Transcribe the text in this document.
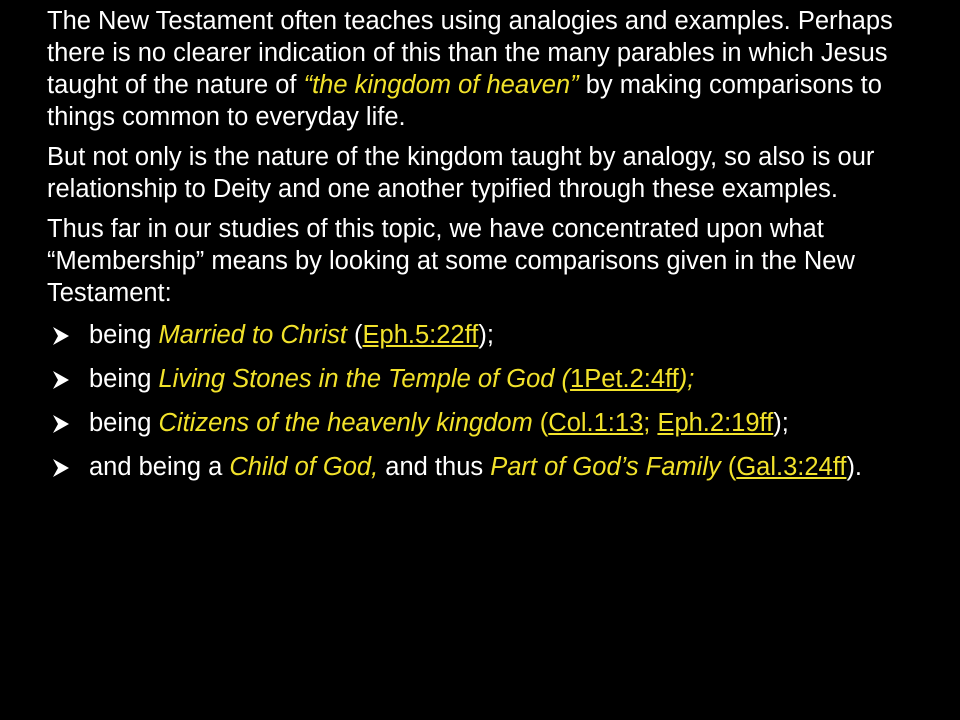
The New Testament often teaches using analogies and examples. Perhaps there is no clearer indication of this than the many parables in which Jesus taught of the nature of “the kingdom of heaven” by making comparisons to things common to everyday life.
But not only is the nature of the kingdom taught by analogy, so also is our relationship to Deity and one another typified through these examples.
Thus far in our studies of this topic, we have concentrated upon what “Membership” means by looking at some comparisons given in the New Testament:
being Married to Christ (Eph.5:22ff);
being Living Stones in the Temple of God (1Pet.2:4ff);
being Citizens of the heavenly kingdom (Col.1:13; Eph.2:19ff);
and being a Child of God, and thus Part of God’s Family (Gal.3:24ff).
